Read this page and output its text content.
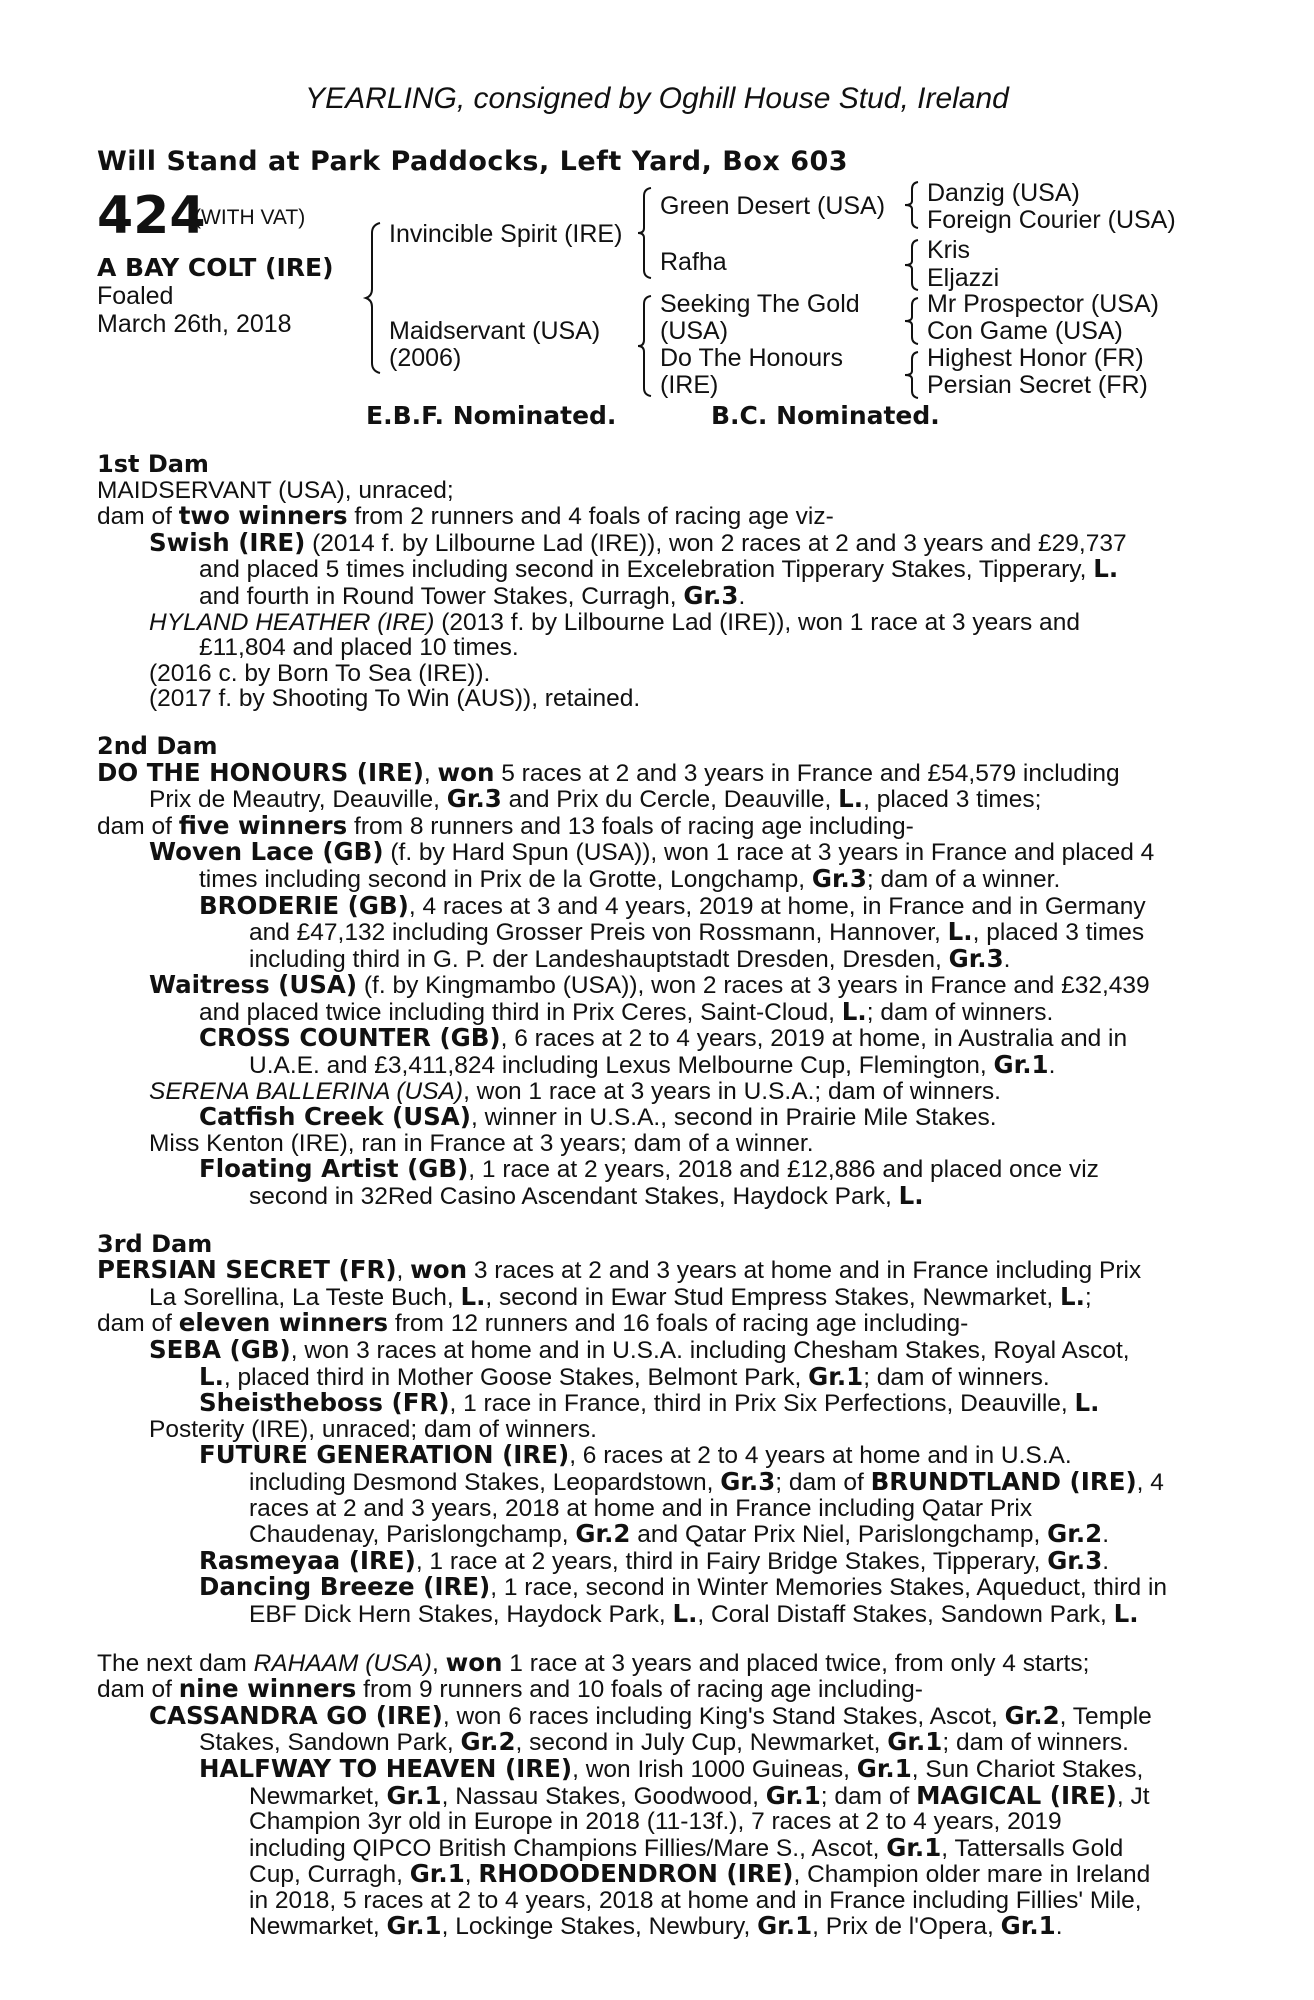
YEARLING, consigned by Oghill House Stud, Ireland
Will Stand at Park Paddocks, Left Yard, Box 603
424
(WITH VAT)
A BAY COLT (IRE)
Foaled
March 26th, 2018
Invincible Spirit (IRE)
Maidservant (USA)
(2006)
Green Desert (USA)
Rafha
Seeking The Gold
(USA)
Do The Honours
(IRE)
Danzig (USA)
Foreign Courier (USA)
Kris
Eljazzi
Mr Prospector (USA)
Con Game (USA)
Highest Honor (FR)
Persian Secret (FR)
E.B.F. Nominated.	B.C. Nominated.
1st Dam
MAIDSERVANT (USA), unraced;
dam of two winners from 2 runners and 4 foals of racing age viz-
Swish (IRE) (2014 f. by Lilbourne Lad (IRE)), won 2 races at 2 and 3 years and £29,737
and placed 5 times including second in Excelebration Tipperary Stakes, Tipperary, L.
and fourth in Round Tower Stakes, Curragh, Gr.3.
HYLAND HEATHER (IRE) (2013 f. by Lilbourne Lad (IRE)), won 1 race at 3 years and
£11,804 and placed 10 times.
(2016 c. by Born To Sea (IRE)).
(2017 f. by Shooting To Win (AUS)), retained.
2nd Dam
DO THE HONOURS (IRE), won 5 races at 2 and 3 years in France and £54,579 including
Prix de Meautry, Deauville, Gr.3 and Prix du Cercle, Deauville, L., placed 3 times;
dam of five winners from 8 runners and 13 foals of racing age including-
Woven Lace (GB) (f. by Hard Spun (USA)), won 1 race at 3 years in France and placed 4
times including second in Prix de la Grotte, Longchamp, Gr.3; dam of a winner.
BRODERIE (GB), 4 races at 3 and 4 years, 2019 at home, in France and in Germany
and £47,132 including Grosser Preis von Rossmann, Hannover, L., placed 3 times
including third in G. P. der Landeshauptstadt Dresden, Dresden, Gr.3.
Waitress (USA) (f. by Kingmambo (USA)), won 2 races at 3 years in France and £32,439
and placed twice including third in Prix Ceres, Saint-Cloud, L.; dam of winners.
CROSS COUNTER (GB), 6 races at 2 to 4 years, 2019 at home, in Australia and in
U.A.E. and £3,411,824 including Lexus Melbourne Cup, Flemington, Gr.1.
SERENA BALLERINA (USA), won 1 race at 3 years in U.S.A.; dam of winners.
Catfish Creek (USA), winner in U.S.A., second in Prairie Mile Stakes.
Miss Kenton (IRE), ran in France at 3 years; dam of a winner.
Floating Artist (GB), 1 race at 2 years, 2018 and £12,886 and placed once viz
second in 32Red Casino Ascendant Stakes, Haydock Park, L.
3rd Dam
PERSIAN SECRET (FR), won 3 races at 2 and 3 years at home and in France including Prix
La Sorellina, La Teste Buch, L., second in Ewar Stud Empress Stakes, Newmarket, L.;
dam of eleven winners from 12 runners and 16 foals of racing age including-
SEBA (GB), won 3 races at home and in U.S.A. including Chesham Stakes, Royal Ascot,
L., placed third in Mother Goose Stakes, Belmont Park, Gr.1; dam of winners.
Sheistheboss (FR), 1 race in France, third in Prix Six Perfections, Deauville, L.
Posterity (IRE), unraced; dam of winners.
FUTURE GENERATION (IRE), 6 races at 2 to 4 years at home and in U.S.A.
including Desmond Stakes, Leopardstown, Gr.3; dam of BRUNDTLAND (IRE), 4
races at 2 and 3 years, 2018 at home and in France including Qatar Prix
Chaudenay, Parislongchamp, Gr.2 and Qatar Prix Niel, Parislongchamp, Gr.2.
Rasmeyaa (IRE), 1 race at 2 years, third in Fairy Bridge Stakes, Tipperary, Gr.3.
Dancing Breeze (IRE), 1 race, second in Winter Memories Stakes, Aqueduct, third in
EBF Dick Hern Stakes, Haydock Park, L., Coral Distaff Stakes, Sandown Park, L.
The next dam RAHAAM (USA), won 1 race at 3 years and placed twice, from only 4 starts;
dam of nine winners from 9 runners and 10 foals of racing age including-
CASSANDRA GO (IRE), won 6 races including King's Stand Stakes, Ascot, Gr.2, Temple
Stakes, Sandown Park, Gr.2, second in July Cup, Newmarket, Gr.1; dam of winners.
HALFWAY TO HEAVEN (IRE), won Irish 1000 Guineas, Gr.1, Sun Chariot Stakes,
Newmarket, Gr.1, Nassau Stakes, Goodwood, Gr.1; dam of MAGICAL (IRE), Jt
Champion 3yr old in Europe in 2018 (11-13f.), 7 races at 2 to 4 years, 2019
including QIPCO British Champions Fillies/Mare S., Ascot, Gr.1, Tattersalls Gold
Cup, Curragh, Gr.1, RHODODENDRON (IRE), Champion older mare in Ireland
in 2018, 5 races at 2 to 4 years, 2018 at home and in France including Fillies' Mile,
Newmarket, Gr.1, Lockinge Stakes, Newbury, Gr.1, Prix de l'Opera, Gr.1.
